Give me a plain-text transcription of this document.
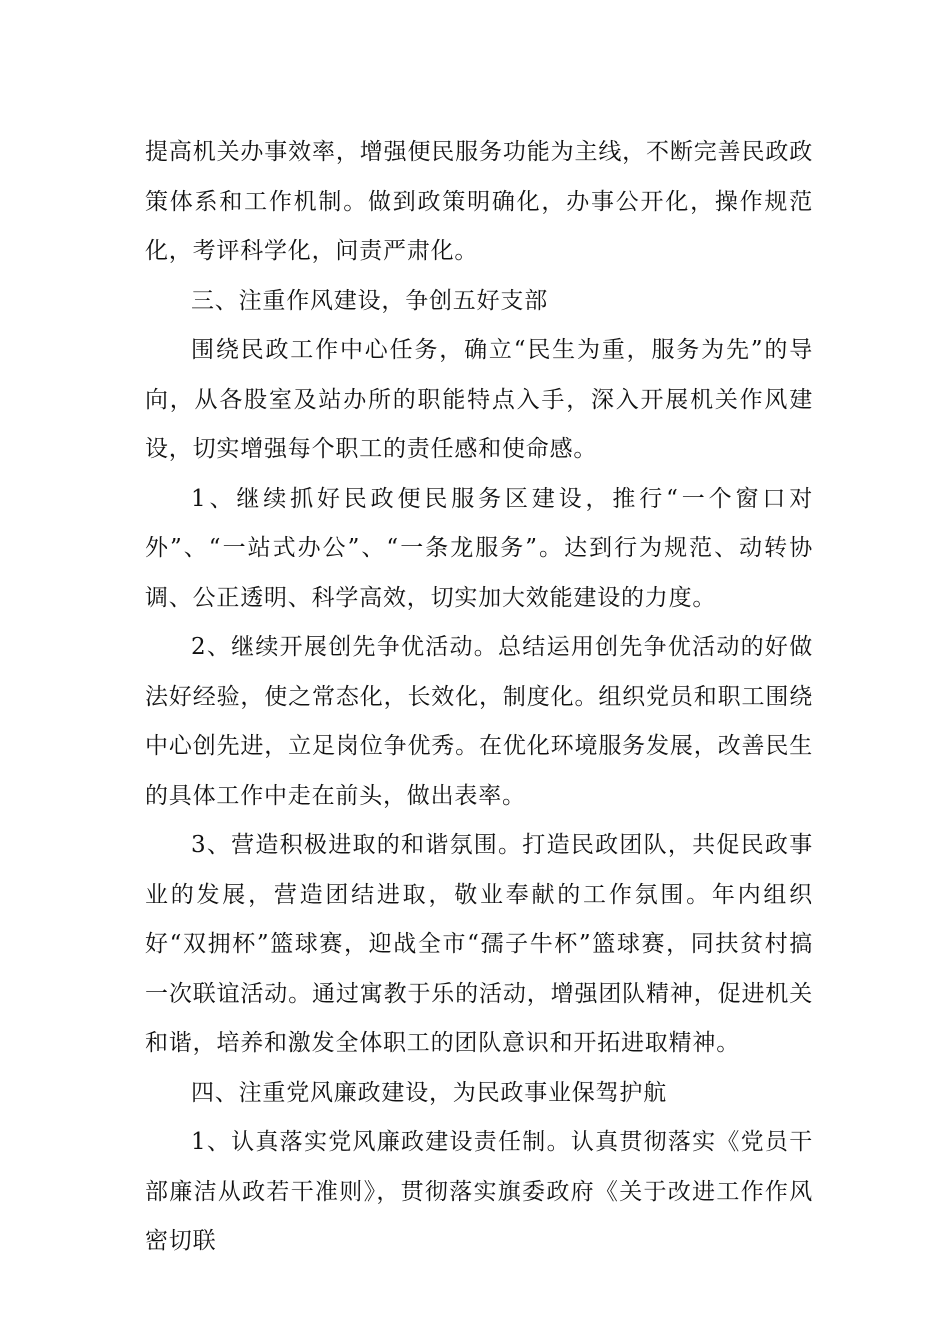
提高机关办事效率，增强便民服务功能为主线，不断完善民政政策体系和工作机制。做到政策明确化，办事公开化，操作规范化，考评科学化，问责严肃化。

三、注重作风建设，争创五好支部

围绕民政工作中心任务，确立“民生为重，服务为先”的导向，从各股室及站办所的职能特点入手，深入开展机关作风建设，切实增强每个职工的责任感和使命感。

1、继续抓好民政便民服务区建设，推行“一个窗口对外”、“一站式办公”、“一条龙服务”。达到行为规范、动转协调、公正透明、科学高效，切实加大效能建设的力度。

2、继续开展创先争优活动。总结运用创先争优活动的好做法好经验，使之常态化，长效化，制度化。组织党员和职工围绕中心创先进，立足岗位争优秀。在优化环境服务发展，改善民生的具体工作中走在前头，做出表率。

3、营造积极进取的和谐氛围。打造民政团队，共促民政事业的发展，营造团结进取，敬业奉献的工作氛围。年内组织好“双拥杯”篮球赛，迎战全市“孺子牛杯”篮球赛，同扶贫村搞一次联谊活动。通过寓教于乐的活动，增强团队精神，促进机关和谐，培养和激发全体职工的团队意识和开拓进取精神。

四、注重党风廉政建设，为民政事业保驾护航

1、认真落实党风廉政建设责任制。认真贯彻落实《党员干部廉洁从政若干准则》，贯彻落实旗委政府《关于改进工作作风密切联
